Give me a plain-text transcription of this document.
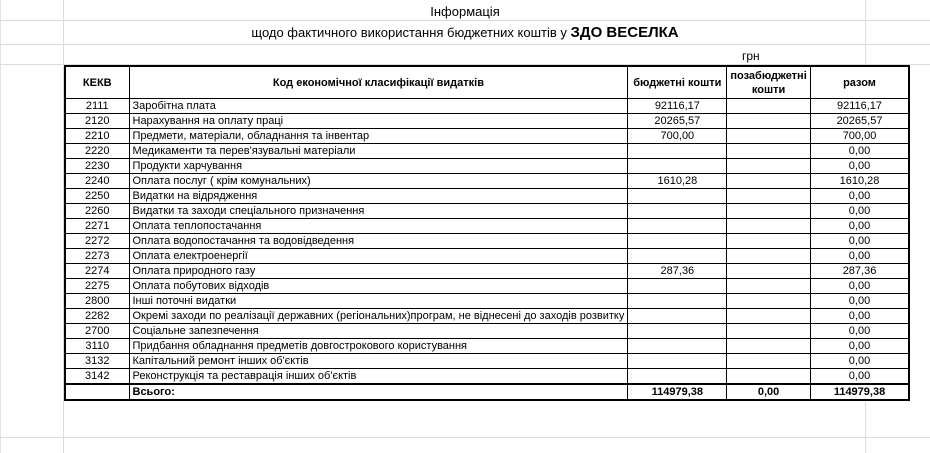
Інформація
щодо фактичного використання бюджетних коштів у ЗДО ВЕСЕЛКА
грн
КЕКВ	Код економічної класифікації видатків	бюджетні кошти	позабюджетні кошти	разом
2111	Заробітна плата	92116,17		92116,17
2120	Нарахування на оплату праці	20265,57		20265,57
2210	Предмети, матеріали, обладнання та інвентар	700,00		700,00
2220	Медикаменти та перев'язувальні матеріали			0,00
2230	Продукти харчування			0,00
2240	Оплата послуг ( крім комунальних)	1610,28		1610,28
2250	Видатки на відрядження			0,00
2260	Видатки та заходи спеціального призначення			0,00
2271	Оплата теплопостачання			0,00
2272	Оплата водопостачання та водовідведення			0,00
2273	Оплата електроенергії			0,00
2274	Оплата природного газу	287,36		287,36
2275	Оплата побутових відходів			0,00
2800	Інші поточні видатки			0,00
2282	Окремі заходи по реалізації державних (регіональних)програм, не віднесені до заходів розвитку			0,00
2700	Соціальне запезпечення			0,00
3110	Придбання обладнання предметів довгострокового користування			0,00
3132	Капітальний ремонт інших об'єктів			0,00
3142	Реконструкція та реставрація інших об'єктів			0,00
	Всього:	114979,38	0,00	114979,38
